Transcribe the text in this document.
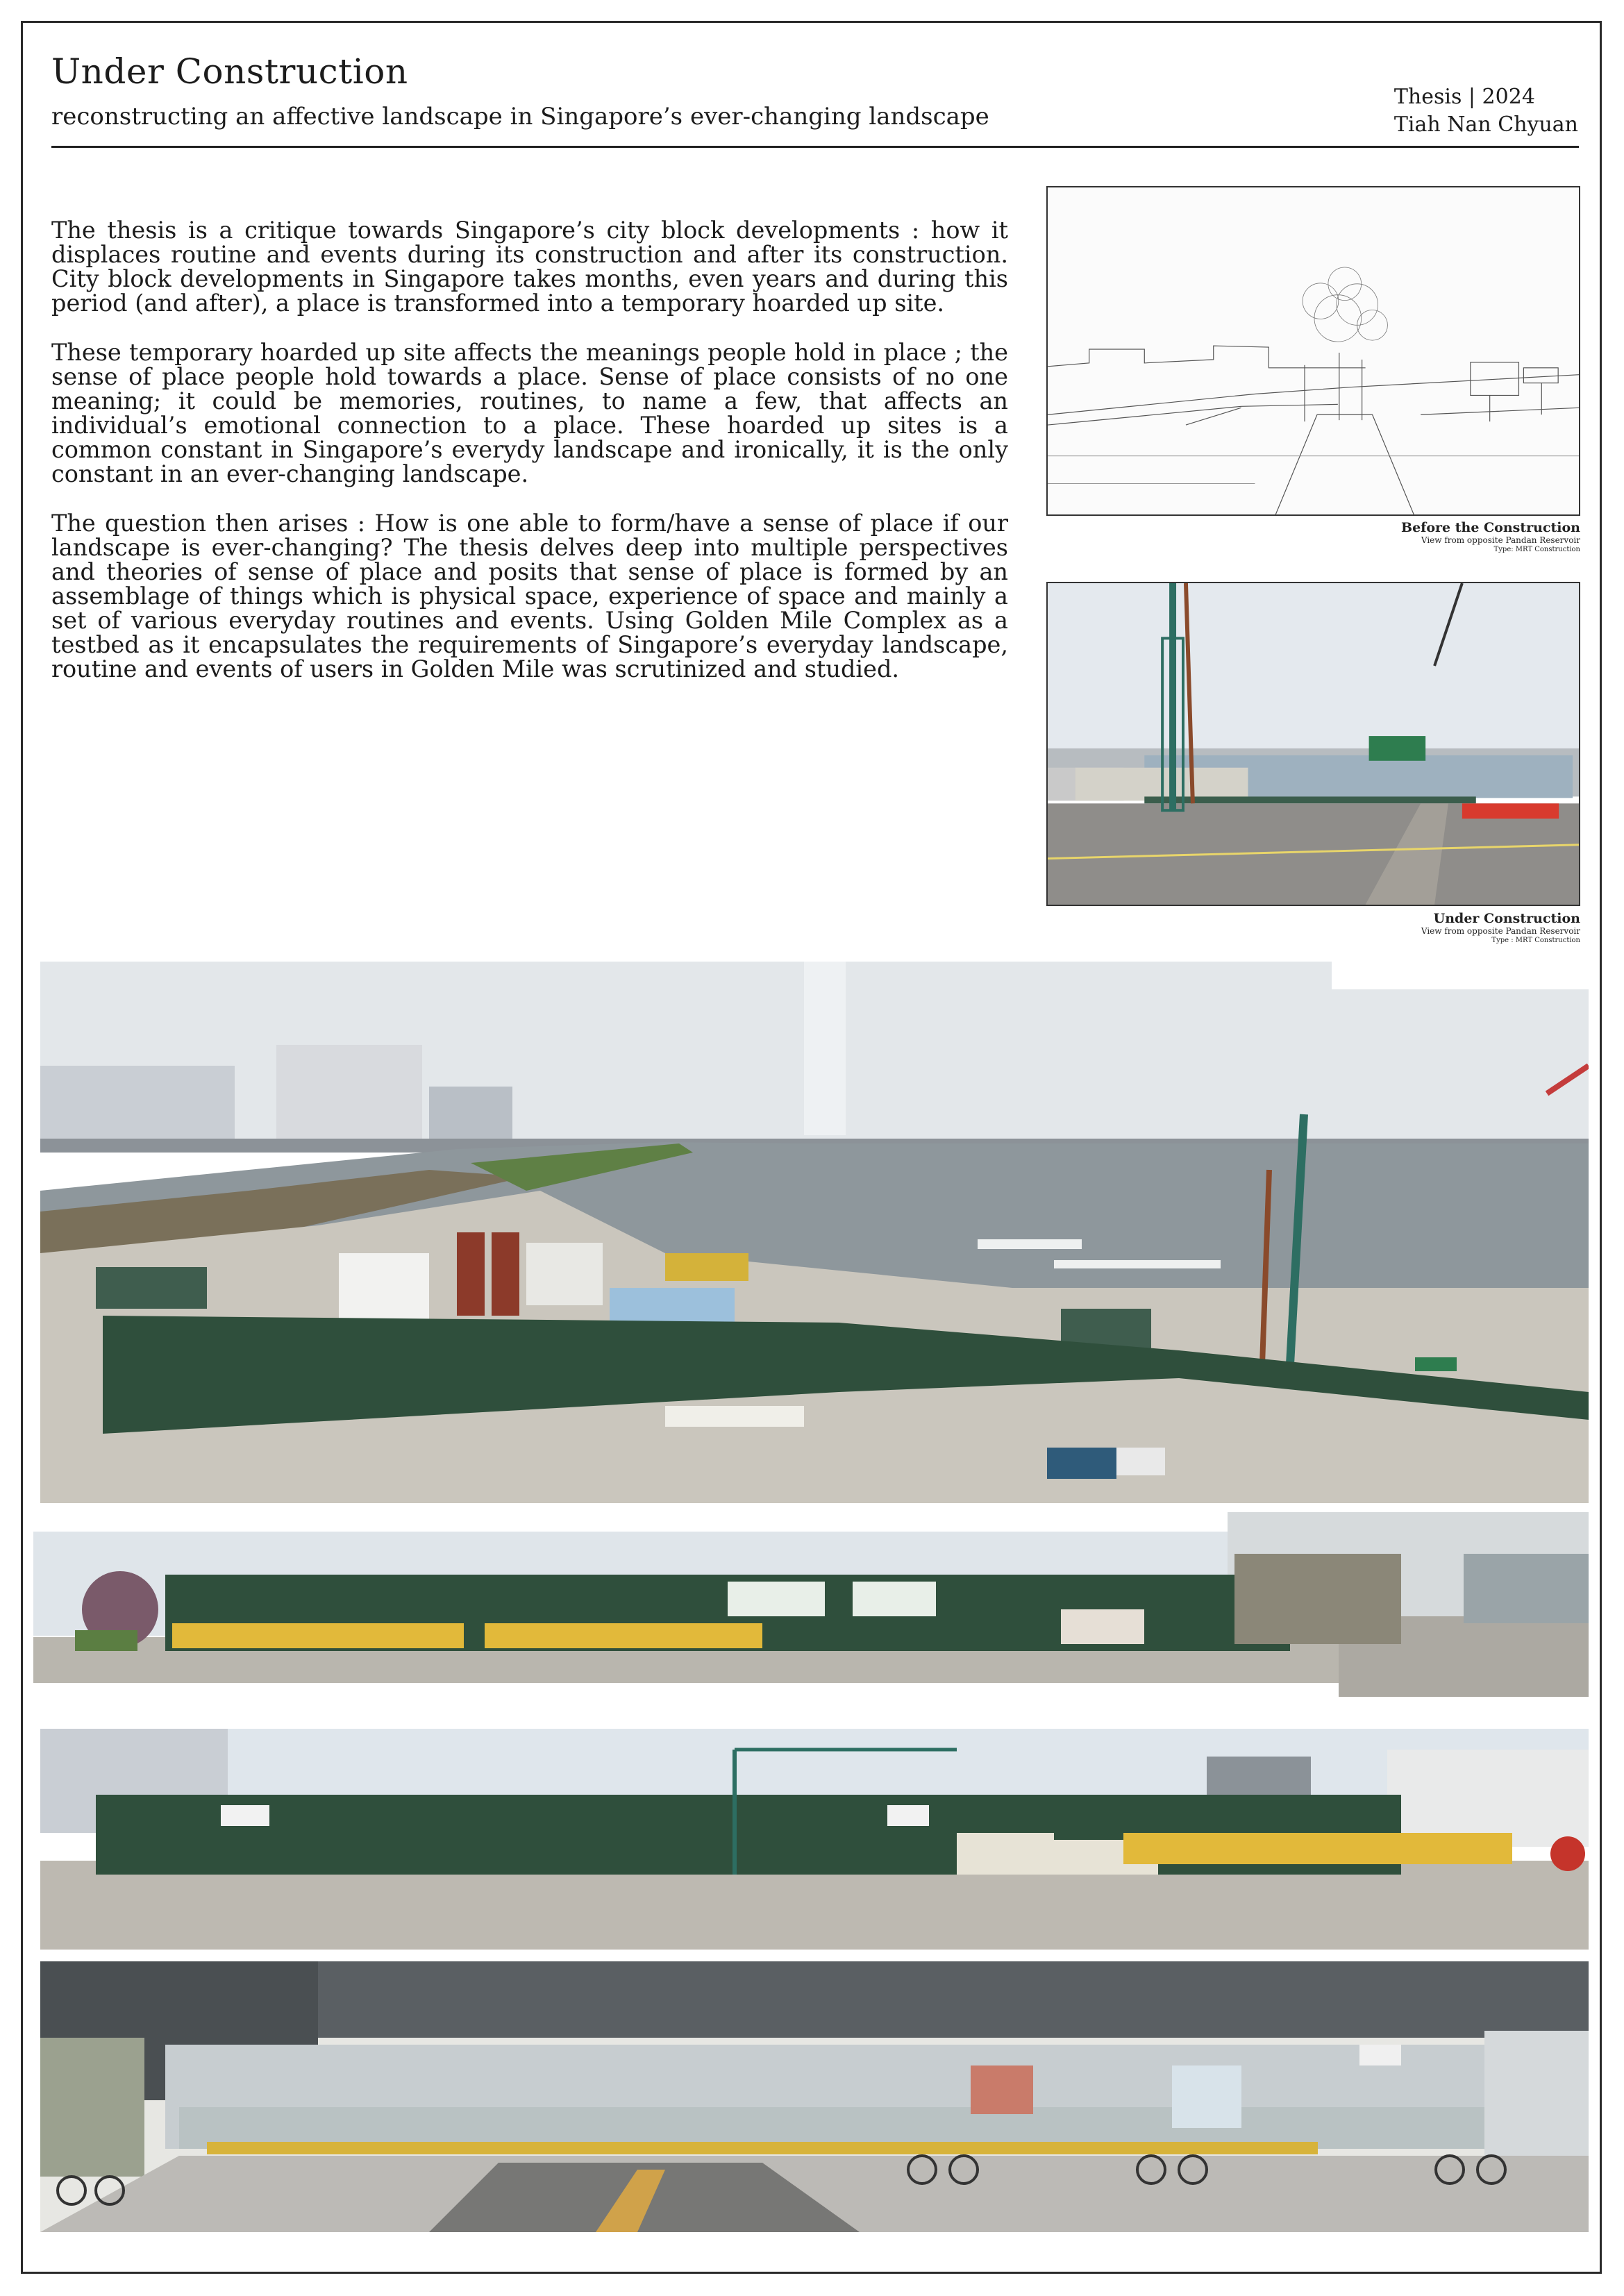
Under Construction
reconstructing an affective landscape in Singapore’s ever-changing landscape
Thesis | 2024
Tiah Nan Chyuan

The thesis is a critique towards Singapore’s city block developments : how it displaces routine and events during its construction and after its construction. City block developments in Singapore takes months, even years and during this period (and after), a place is transformed into a temporary hoarded up site.

These temporary hoarded up site affects the meanings people hold in place ; the sense of place people hold towards a place. Sense of place consists of no one meaning; it could be memories, routines, to name a few, that affects an individual’s emotional connection to a place. These hoarded up sites is a common constant in Singapore’s everydy landscape and ironically, it is the only constant in an ever-changing landscape.

The question then arises : How is one able to form/have a sense of place if our landscape is ever-changing? The thesis delves deep into multiple perspectives and theories of sense of place and posits that sense of place is formed by an assemblage of things which is physical space, experience of space and mainly a set of various everyday routines and events. Using Golden Mile Complex as a testbed as it encapsulates the requirements of Singapore’s everyday landscape, routine and events of users in Golden Mile was scrutinized and studied.

Before the Construction
View from opposite Pandan Reservoir
Type: MRT Construction
Under Construction
View from opposite Pandan Reservoir
Type : MRT Construction
